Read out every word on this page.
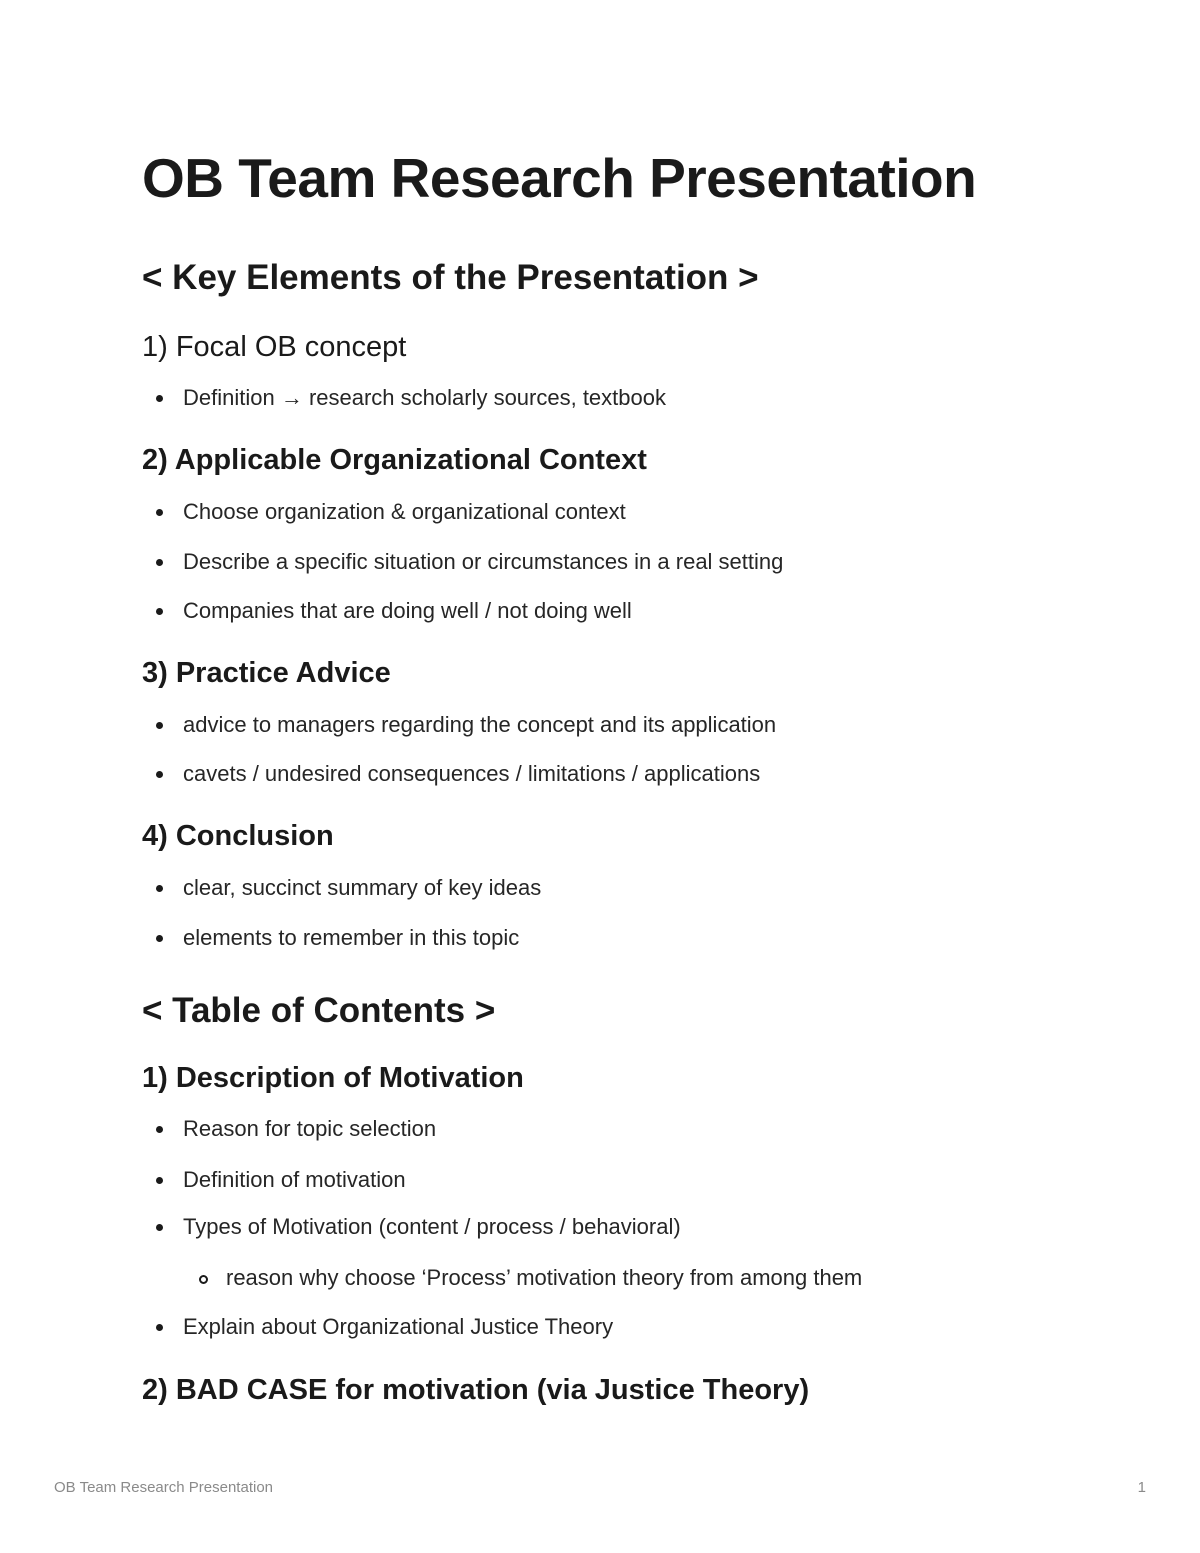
OB Team Research Presentation
< Key Elements of the Presentation >
1) Focal OB concept
Definition → research scholarly sources, textbook
2) Applicable Organizational Context
Choose organization & organizational context
Describe a specific situation or circumstances in a real setting
Companies that are doing well / not doing well
3) Practice Advice
advice to managers regarding the concept and its application
cavets / undesired consequences / limitations / applications
4) Conclusion
clear, succinct summary of key ideas
elements to remember in this topic
< Table of Contents >
1) Description of Motivation
Reason for topic selection
Definition of motivation
Types of Motivation (content / process / behavioral)
reason why choose ‘Process’ motivation theory from among them
Explain about Organizational Justice Theory
2) BAD CASE for motivation (via Justice Theory)
OB Team Research Presentation	1
